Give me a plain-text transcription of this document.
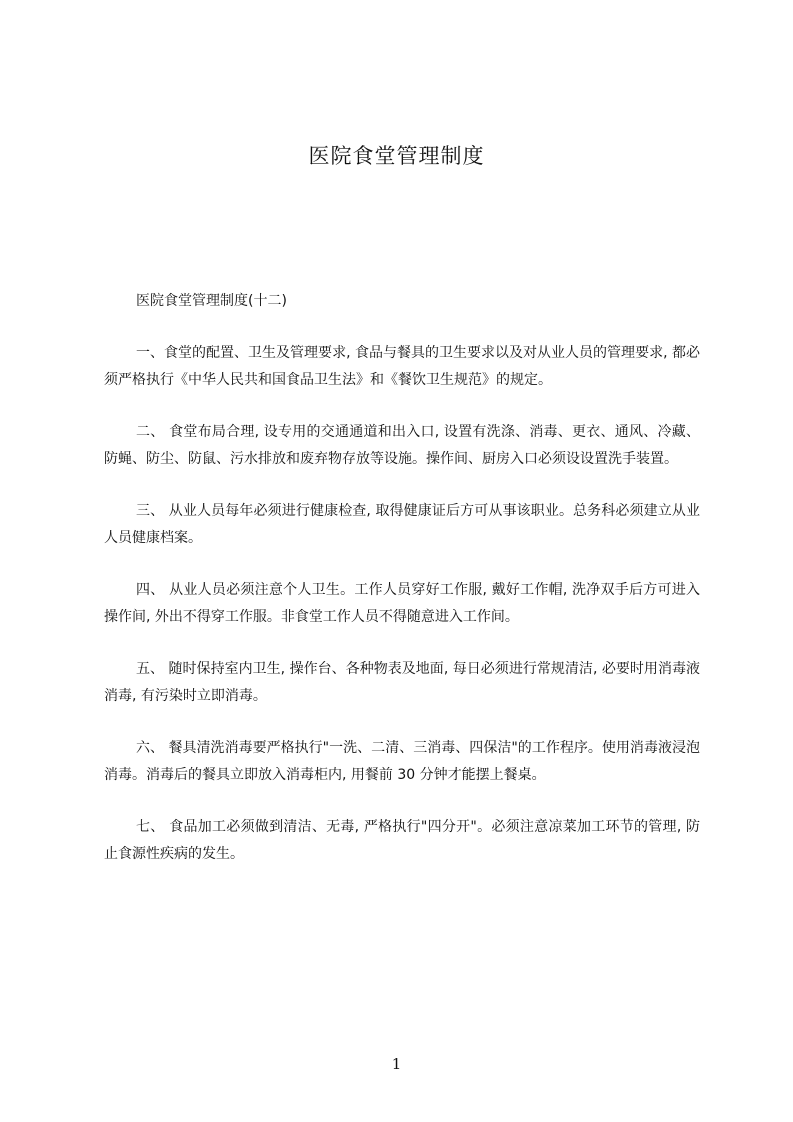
医院食堂管理制度
医院食堂管理制度(十二)

一、食堂的配置、卫生及管理要求, 食品与餐具的卫生要求以及对从业人员的管理要求, 都必须严格执行《中华人民共和国食品卫生法》和《餐饮卫生规范》的规定。

二、 食堂布局合理, 设专用的交通通道和出入口, 设置有洗涤、消毒、更衣、通风、冷藏、防蝇、防尘、防鼠、污水排放和废弃物存放等设施。操作间、厨房入口必须设设置洗手装置。

三、 从业人员每年必须进行健康检查, 取得健康证后方可从事该职业。总务科必须建立从业人员健康档案。

四、 从业人员必须注意个人卫生。工作人员穿好工作服, 戴好工作帽, 洗净双手后方可进入操作间, 外出不得穿工作服。非食堂工作人员不得随意进入工作间。

五、 随时保持室内卫生, 操作台、各种物表及地面, 每日必须进行常规清洁, 必要时用消毒液消毒, 有污染时立即消毒。

六、 餐具清洗消毒要严格执行"一洗、二清、三消毒、四保洁"的工作程序。使用消毒液浸泡消毒。消毒后的餐具立即放入消毒柜内, 用餐前 30 分钟才能摆上餐桌。

七、 食品加工必须做到清洁、无毒, 严格执行"四分开"。必须注意凉菜加工环节的管理, 防止食源性疾病的发生。

1
